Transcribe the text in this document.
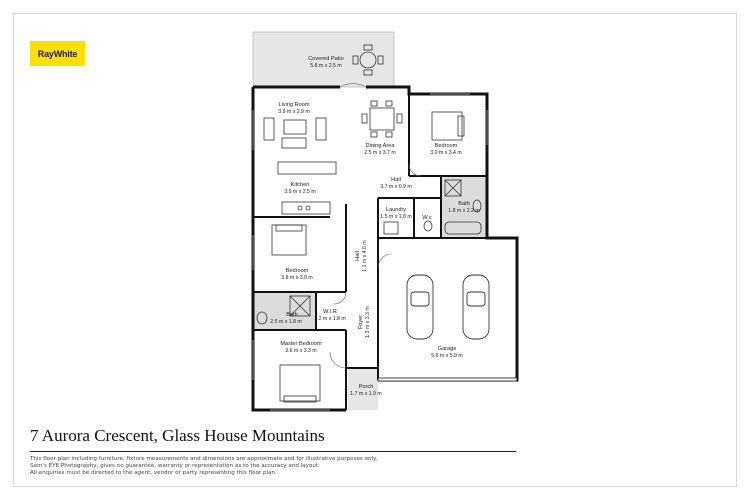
RayWhite
Covered Patio
5.8 m x 2.5 m
Living Room
3.9 m x 2.9 m
Dining Area
2.5 m x 3.7 m
Bedroom
3.0 m x 3.4 m
Kitchen
3.9 m x 2.5 m
Hall
3.7 m x 0.9 m
Laundry
1.5 m x 1.8 m W.c
Bath
1.8 m x 2.2 m
Bedroom
3.8 m x 3.0 m
Hall 1.1 m x 4.0 m
Bath
2.5 m x 1.8 m
W.I.R
1.2 m x 1.8 m Foyer 1.3 m x 3.3 m
Garage
5.6 m x 5.9 m
Master Bedroom
3.6 m x 3.3 m
Porch
1.7 m x 1.9 m
7 Aurora Crescent, Glass House Mountains
This floor plan including furniture, fixture measurements and dimensions are approximate and for illustrative purposes only.
Sam's EYE Photography, gives no guarantee, warranty or representation as to the accuracy and layout.
All enquiries must be directed to the agent, vendor or party representing this floor plan.
